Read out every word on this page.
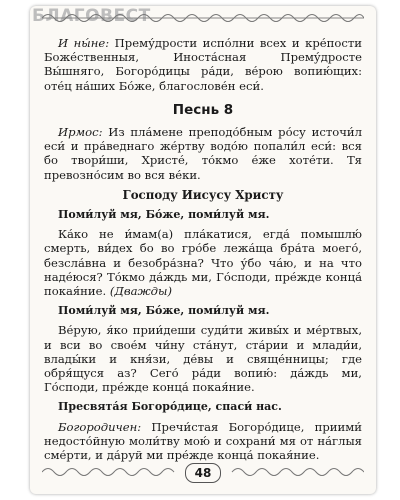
БЛАГОВЕСТ

И ны́не: Прему́дрости испо́лни всех и кре́пости Боже́ственныя, Иноста́сная Прему́дросте Вы́шняго, Богоро́дицы ра́ди, ве́рою вопию́щих: оте́ц на́ших Бо́же, благослове́н еси́.

Песнь 8

Ирмос: Из пла́мене преподо́бным ро́су источи́л еси́ и пра́веднаго же́ртву водо́ю попали́л еси́: вся бо твори́ши, Христе́, то́кмо е́же хоте́ти. Тя превозно́сим во вся ве́ки.

Господу Иисусу Христу

Поми́луй мя, Бо́же, поми́луй мя.

Ка́ко не и́мам(а) пла́катися, егда́ помышлю́ смерть, ви́дех бо во гро́бе лежа́ща бра́та моего́, безсла́вна и безобра́зна? Что у́бо ча́ю, и на что наде́юся? То́кмо да́ждь ми, Го́споди, пре́жде конца́ покая́ние. (Дважды)

Поми́луй мя, Бо́же, поми́луй мя.

Ве́рую, я́ко прии́деши суди́ти живы́х и ме́ртвых, и вси во свое́м чи́ну ста́нут, ста́рии и млади́и, влады́ки и кня́зи, де́вы и свяще́нницы; где обря́щуся аз? Сего́ ра́ди вопию́: да́ждь ми, Го́споди, пре́жде конца́ покая́ние.

Пресвята́я Богоро́дице, спаси́ нас.

Богородичен: Пречи́стая Богоро́дице, приими́ недосто́йную моли́тву мою́ и сохрани́ мя от на́глыя сме́рти, и да́руй ми пре́жде конца́ покая́ние.

48
